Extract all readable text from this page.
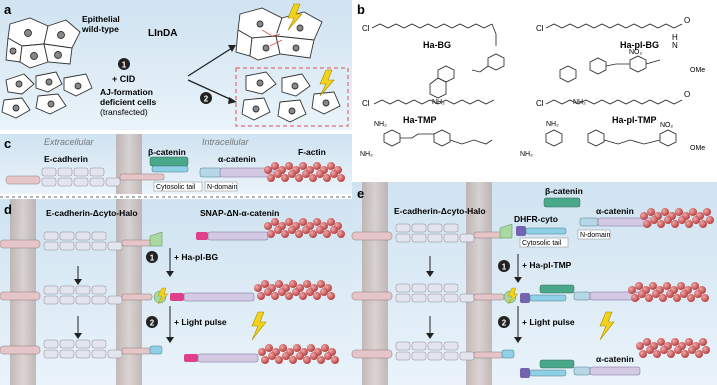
a
Epithelial
wild-type	LInDA
AJ-formation
deficient cells
(transfected)
1
+ CID
2
b
Cl
Ha-BG
NH₂
Cl
O
H
N
Ha-pl-BG
NO₂
OMe
NH₂
Cl
Ha-TMP
NH₂
NH₂
Cl
O
Ha-pl-TMP
NO₂
OMe
NH₂
NH₂
c	Extracellular	Intracellular
E-cadherin
β-catenin
α-catenin
F-actin
Cytosolic tail N-domain
d	E-cadherin-Δcyto-Halo	SNAP-ΔN-α-catenin
1 + Ha-pl-BG
2 + Light pulse
e
E-cadherin-Δcyto-Halo
β-catenin
DHFR-cyto
α-catenin
Cytosolic tail
N-domain
1 + Ha-pl-TMP
2 + Light pulse
α-catenin
